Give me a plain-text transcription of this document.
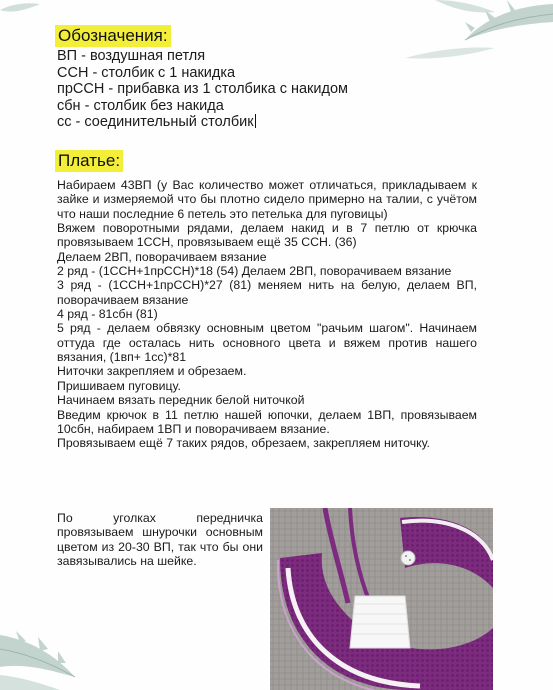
Обозначения:
ВП - воздушная петля
ССН - столбик с 1 накидка
прССН - прибавка из 1 столбика с накидом
сбн - столбик без накида
сс - соединительный столбик
Платье:

Набираем 43ВП (у Вас количество может отличаться, прикладываем к зайке и измеряемой что бы плотно сидело примерно на талии, с учётом что наши последние 6 петель это петелька для пуговицы)

Вяжем поворотными рядами, делаем накид и в 7 петлю от крючка провязываем 1ССН, провязываем ещё 35 ССН. (36)

Делаем 2ВП, поворачиваем вязание

2 ряд - (1ССН+1прССН)*18 (54) Делаем 2ВП, поворачиваем вязание

3 ряд - (1ССН+1прССН)*27 (81) меняем нить на белую, делаем ВП, поворачиваем вязание

4 ряд - 81сбн (81)

5 ряд - делаем обвязку основным цветом "рачьим шагом". Начинаем оттуда где осталась нить основного цвета и вяжем против нашего вязания, (1вп+ 1сс)*81

Ниточки закрепляем и обрезаем.

Пришиваем пуговицу.

Начинаем вязать передник белой ниточкой

Введим крючок в 11 петлю нашей юпочки, делаем 1ВП, провязываем 10сбн, набираем 1ВП и поворачиваем вязание.

Провязываем ещё 7 таких рядов, обрезаем, закрепляем ниточку.

По уголках передничка провязываем шнурочки основным цветом из 20-30 ВП, так что бы они завязывались на шейке.
